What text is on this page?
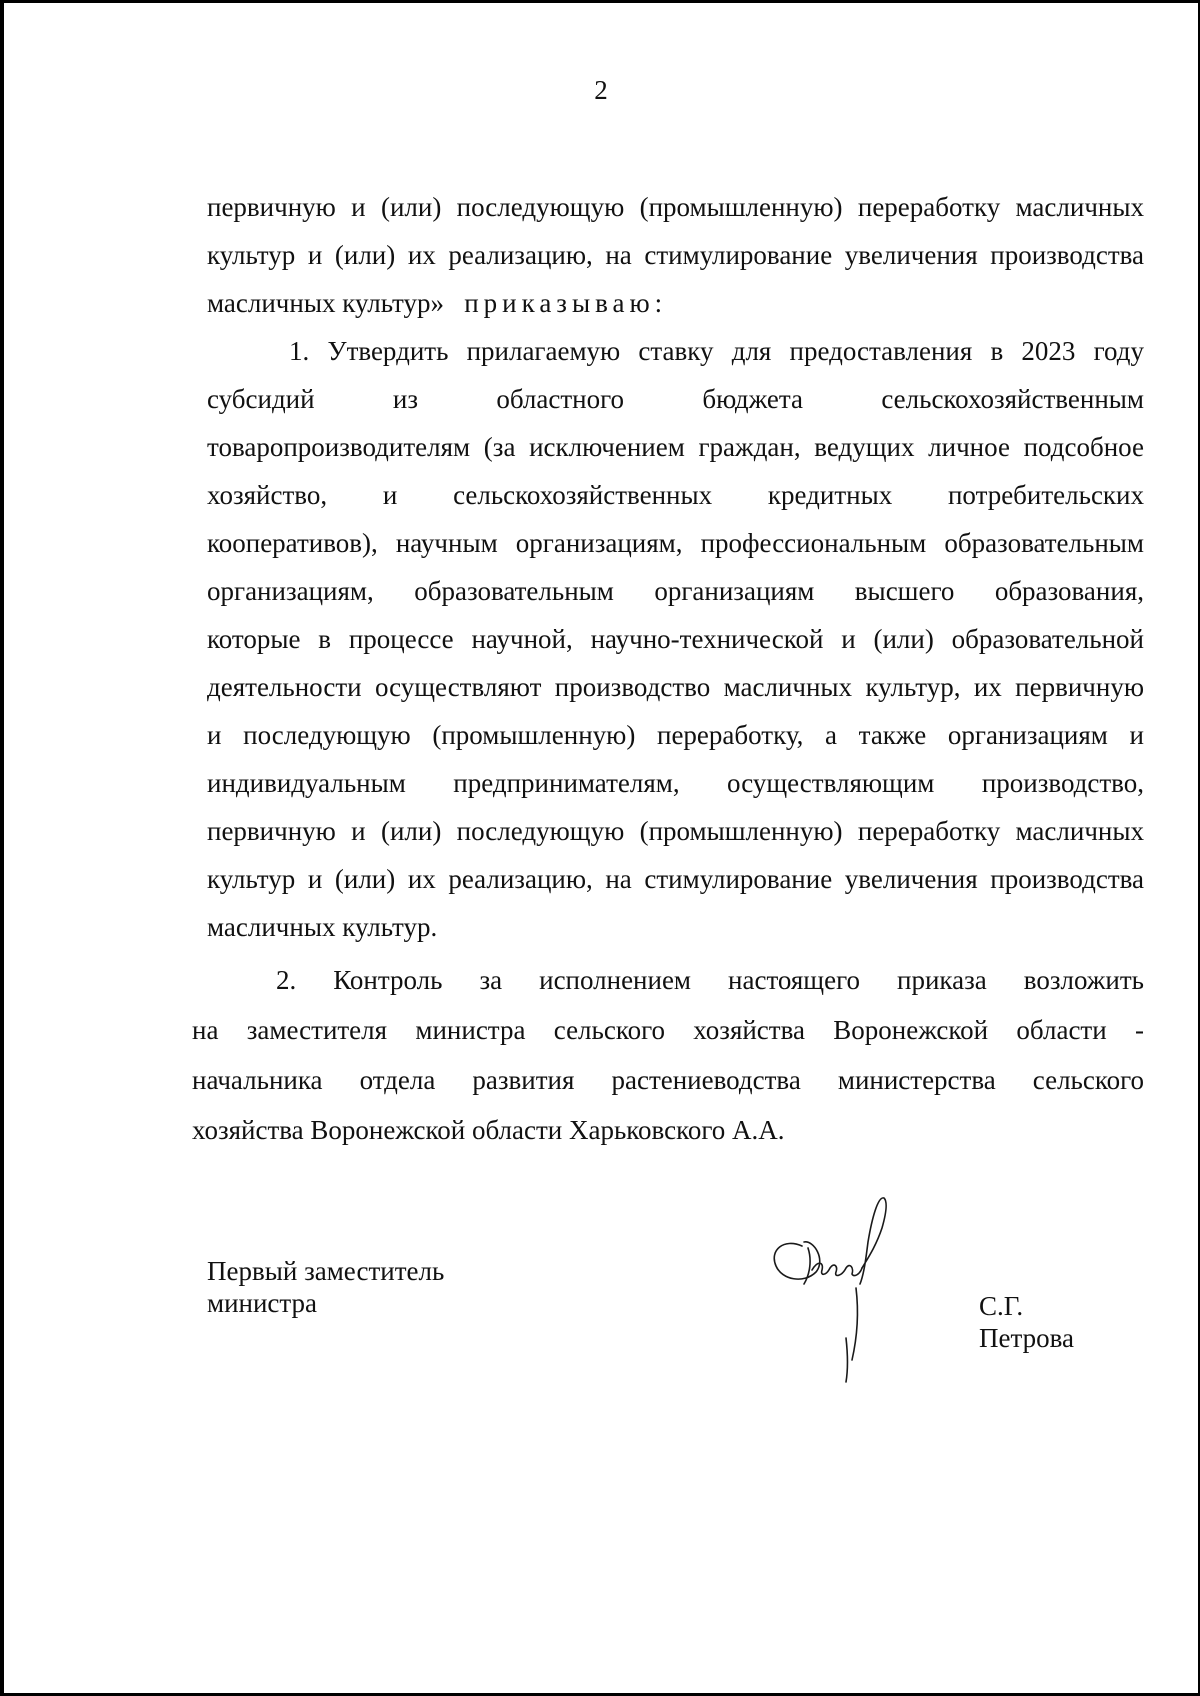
2
первичную и (или) последующую (промышленную) переработку масличных
культур и (или) их реализацию, на стимулирование увеличения производства
масличных культур» приказываю:
1. Утвердить прилагаемую ставку для предоставления в 2023 году
субсидий из областного бюджета сельскохозяйственным
товаропроизводителям (за исключением граждан, ведущих личное подсобное
хозяйство, и сельскохозяйственных кредитных потребительских
кооперативов), научным организациям, профессиональным образовательным
организациям, образовательным организациям высшего образования,
которые в процессе научной, научно-технической и (или) образовательной
деятельности осуществляют производство масличных культур, их первичную
и последующую (промышленную) переработку, а также организациям и
индивидуальным предпринимателям, осуществляющим производство,
первичную и (или) последующую (промышленную) переработку масличных
культур и (или) их реализацию, на стимулирование увеличения производства
масличных культур.
2. Контроль за исполнением настоящего приказа возложить
на заместителя министра сельского хозяйства Воронежской области -
начальника отдела развития растениеводства министерства сельского
хозяйства Воронежской области Харьковского А.А.
Первый заместитель
министра	С.Г. Петрова
